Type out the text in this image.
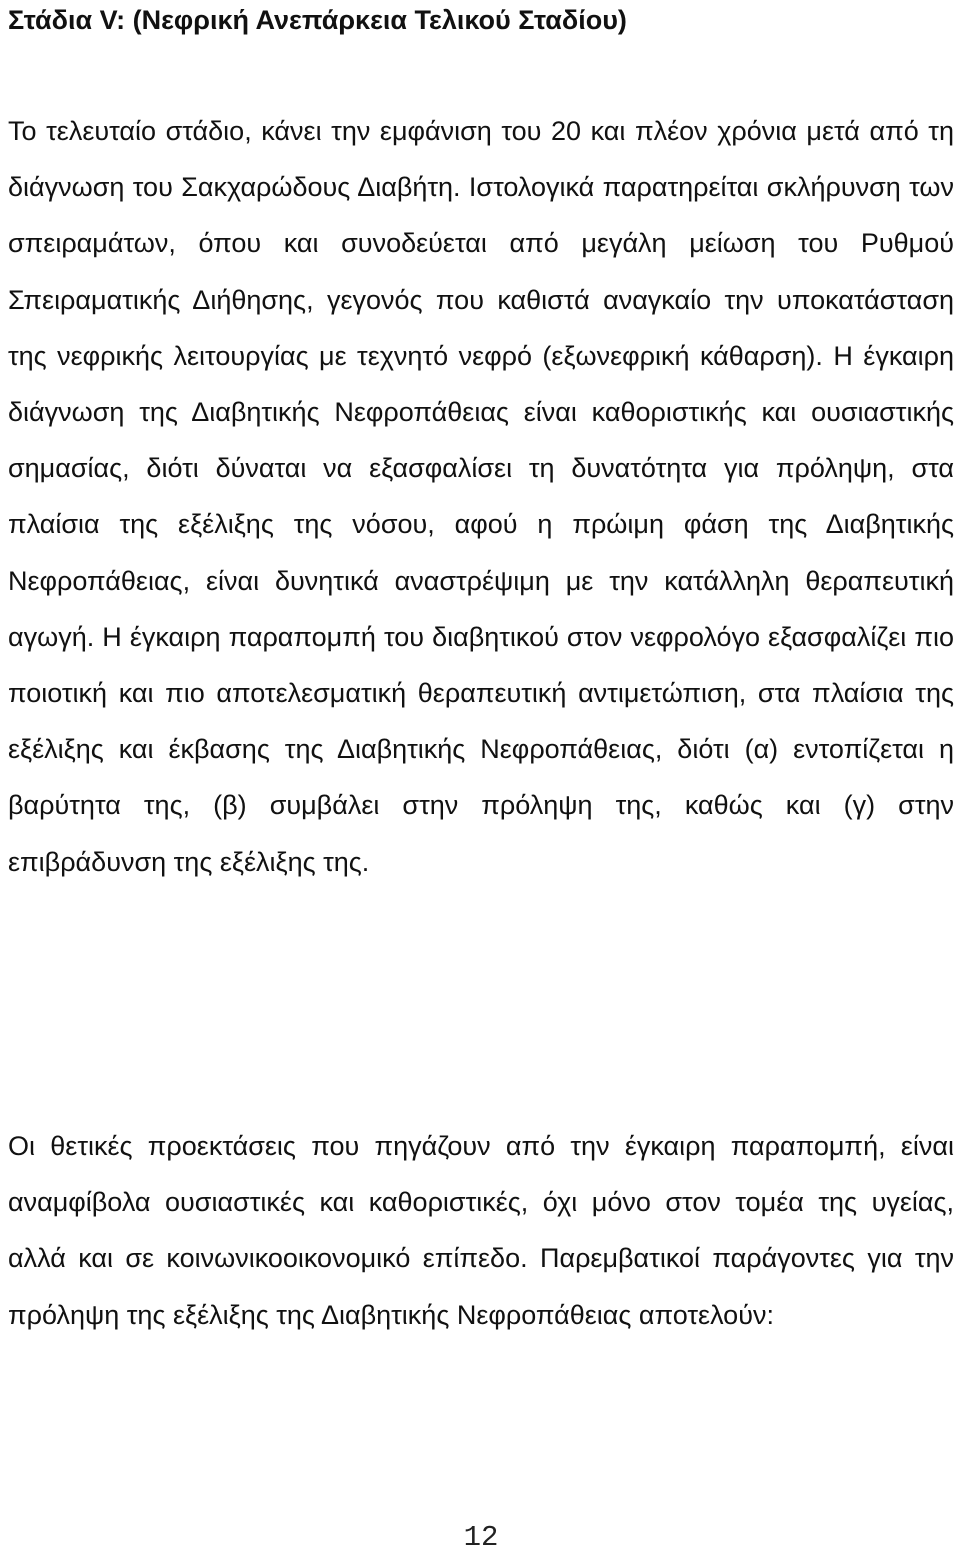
Στάδια V: (Νεφρική Ανεπάρκεια Τελικού Σταδίου)

Το τελευταίο στάδιο, κάνει την εμφάνιση του 20 και πλέον χρόνια μετά από τη διάγνωση του Σακχαρώδους Διαβήτη. Ιστολογικά παρατηρείται σκλήρυνση των σπειραμάτων, όπου και συνοδεύεται από μεγάλη μείωση του Ρυθμού Σπειραματικής Διήθησης, γεγονός που καθιστά αναγκαίο την υποκατάσταση της νεφρικής λειτουργίας με τεχνητό νεφρό (εξωνεφρική κάθαρση). Η έγκαιρη διάγνωση της Διαβητικής Νεφροπάθειας είναι καθοριστικής και ουσιαστικής σημασίας, διότι δύναται να εξασφαλίσει τη δυνατότητα για πρόληψη, στα πλαίσια της εξέλιξης της νόσου, αφού η πρώιμη φάση της Διαβητικής Νεφροπάθειας, είναι δυνητικά αναστρέψιμη με την κατάλληλη θεραπευτική αγωγή. Η έγκαιρη παραπομπή του διαβητικού στον νεφρολόγο εξασφαλίζει πιο ποιοτική και πιο αποτελεσματική θεραπευτική αντιμετώπιση, στα πλαίσια της εξέλιξης και έκβασης της Διαβητικής Νεφροπάθειας, διότι (α) εντοπίζεται η βαρύτητα της, (β) συμβάλει στην πρόληψη της, καθώς και (γ) στην επιβράδυνση της εξέλιξης της.

Οι θετικές προεκτάσεις που πηγάζουν από την έγκαιρη παραπομπή, είναι αναμφίβολα ουσιαστικές και καθοριστικές, όχι μόνο στον τομέα της υγείας, αλλά και σε κοινωνικοοικονομικό επίπεδο. Παρεμβατικοί παράγοντες για την πρόληψη της εξέλιξης της Διαβητικής Νεφροπάθειας αποτελούν:

12
